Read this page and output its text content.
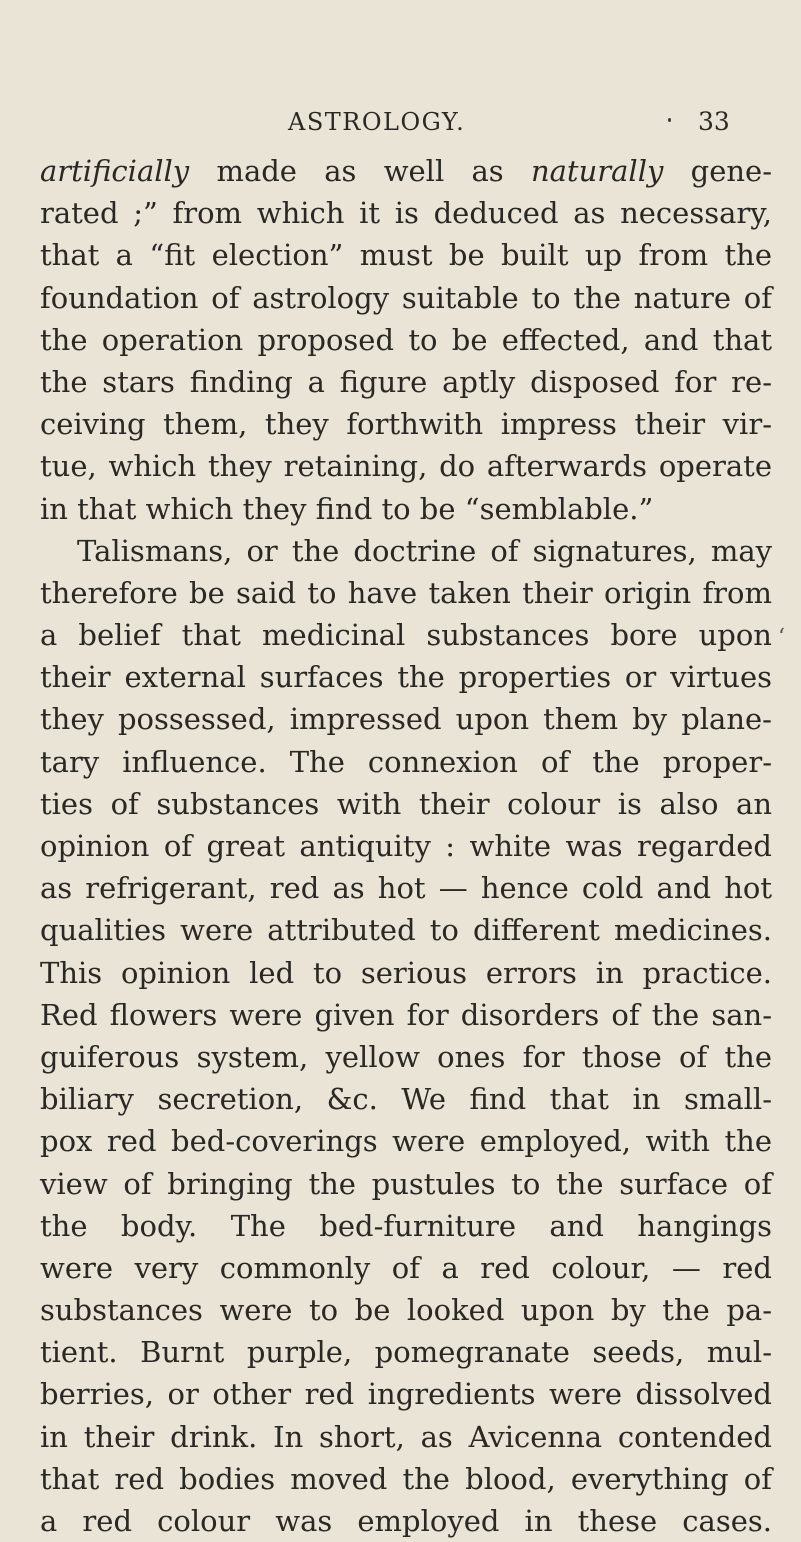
ASTROLOGY.	33
artificially made as well as naturally gene-
rated ;” from which it is deduced as necessary,
that a “fit election” must be built up from the
foundation of astrology suitable to the nature of
the operation proposed to be effected, and that
the stars finding a figure aptly disposed for re-
ceiving them, they forthwith impress their vir-
tue, which they retaining, do afterwards operate
in that which they find to be “semblable.”
Talismans, or the doctrine of signatures, may
therefore be said to have taken their origin from
a belief that medicinal substances bore upon
their external surfaces the properties or virtues
they possessed, impressed upon them by plane-
tary influence. The connexion of the proper-
ties of substances with their colour is also an
opinion of great antiquity : white was regarded
as refrigerant, red as hot — hence cold and hot
qualities were attributed to different medicines.
This opinion led to serious errors in practice.
Red flowers were given for disorders of the san-
guiferous system, yellow ones for those of the
biliary secretion, &c. We find that in small-
pox red bed-coverings were employed, with the
view of bringing the pustules to the surface of
the body. The bed-furniture and hangings
were very commonly of a red colour, — red
substances were to be looked upon by the pa-
tient. Burnt purple, pomegranate seeds, mul-
berries, or other red ingredients were dissolved
in their drink. In short, as Avicenna contended
that red bodies moved the blood, everything of
a red colour was employed in these cases.
‘
